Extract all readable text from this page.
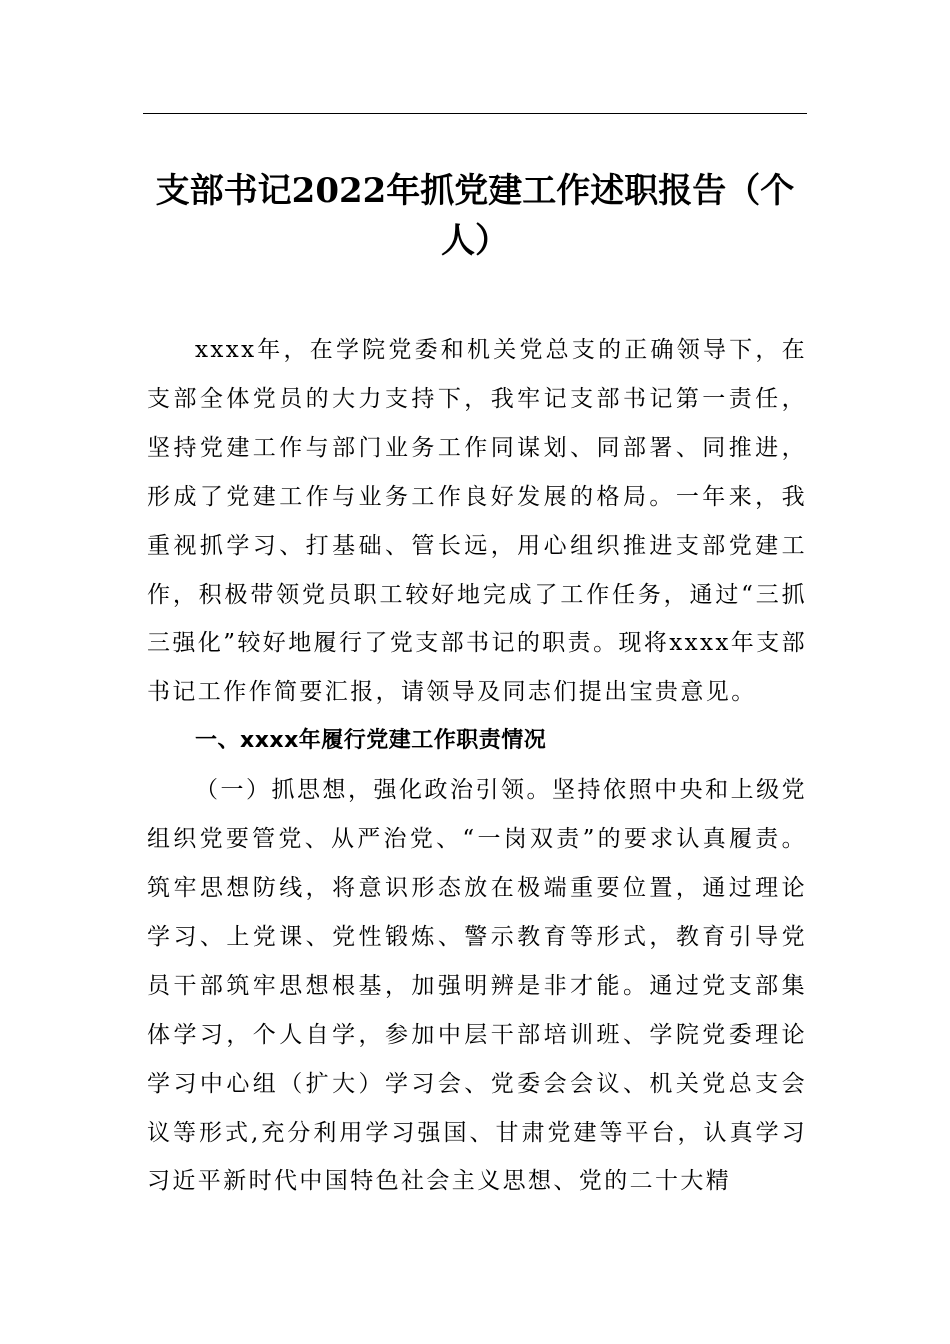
支部书记2022年抓党建工作述职报告（个人）

xxxx年，在学院党委和机关党总支的正确领导下，在支部全体党员的大力支持下，我牢记支部书记第一责任，坚持党建工作与部门业务工作同谋划、同部署、同推进，形成了党建工作与业务工作良好发展的格局。一年来，我重视抓学习、打基础、管长远，用心组织推进支部党建工作，积极带领党员职工较好地完成了工作任务，通过“三抓三强化”较好地履行了党支部书记的职责。现将xxxx年支部书记工作作简要汇报，请领导及同志们提出宝贵意见。

一、xxxx年履行党建工作职责情况

（一）抓思想，强化政治引领。坚持依照中央和上级党组织党要管党、从严治党、“一岗双责”的要求认真履责。筑牢思想防线，将意识形态放在极端重要位置，通过理论学习、上党课、党性锻炼、警示教育等形式，教育引导党员干部筑牢思想根基，加强明辨是非才能。通过党支部集体学习，个人自学，参加中层干部培训班、学院党委理论学习中心组（扩大）学习会、党委会会议、机关党总支会议等形式,充分利用学习强国、甘肃党建等平台，认真学习习近平新时代中国特色社会主义思想、党的二十大精
